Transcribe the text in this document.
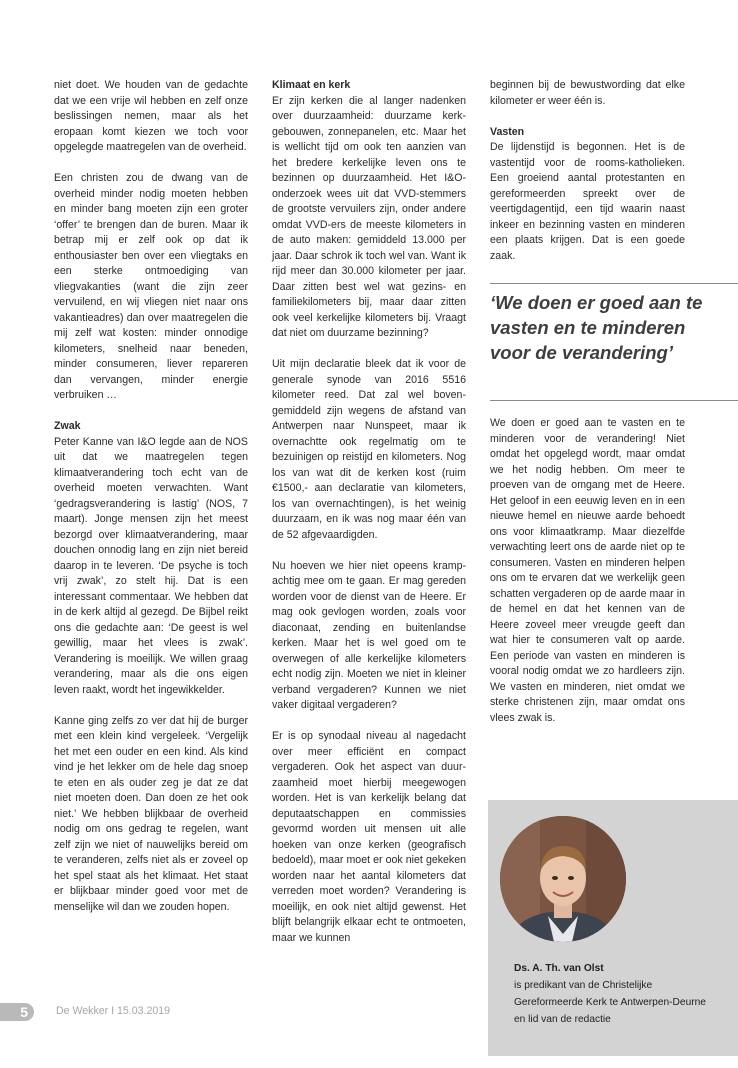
niet doet. We houden van de gedachte dat we een vrije wil hebben en zelf onze beslissingen nemen, maar als het eropaan komt kiezen we toch voor opgelegde maatregelen van de overheid.

Een christen zou de dwang van de overheid minder nodig moeten hebben en minder bang moeten zijn een groter ‘offer’ te brengen dan de buren. Maar ik betrap mij er zelf ook op dat ik enthousiaster ben over een vliegtaks en een sterke ontmoediging van vliegvakanties (want die zijn zeer vervuilend, en wij vliegen niet naar ons vakantieadres) dan over maatregelen die mij zelf wat kosten: minder onnodige kilometers, snelheid naar beneden, minder consumeren, liever repareren dan vervangen, minder energie verbruiken …

Zwak

Peter Kanne van I&O legde aan de NOS uit dat we maatregelen tegen klimaatverandering toch echt van de overheid moeten verwachten. Want ‘gedragsverandering is lastig’ (NOS, 7 maart). Jonge mensen zijn het meest bezorgd over klimaatverandering, maar douchen onnodig lang en zijn niet bereid daarop in te leveren. ‘De psyche is toch vrij zwak’, zo stelt hij. Dat is een interessant commentaar. We hebben dat in de kerk altijd al gezegd. De Bijbel reikt ons die gedachte aan: ‘De geest is wel gewillig, maar het vlees is zwak’. Verandering is moeilijk. We willen graag verandering, maar als die ons eigen leven raakt, wordt het ingewikkelder.

Kanne ging zelfs zo ver dat hij de burger met een klein kind vergeleek. ‘Vergelijk het met een ouder en een kind. Als kind vind je het lekker om de hele dag snoep te eten en als ouder zeg je dat ze dat niet moeten doen. Dan doen ze het ook niet.’ We hebben blijkbaar de overheid nodig om ons gedrag te regelen, want zelf zijn we niet of nauwelijks bereid om te veranderen, zelfs niet als er zoveel op het spel staat als het klimaat. Het staat er blijkbaar minder goed voor met de menselijke wil dan we zouden hopen.

Klimaat en kerk

Er zijn kerken die al langer nadenken over duurzaamheid: duurzame kerkgebouwen, zonnepanelen, etc. Maar het is wellicht tijd om ook ten aanzien van het bredere kerkelijke leven ons te bezinnen op duurzaamheid. Het I&O-onderzoek wees uit dat VVD-stemmers de grootste vervuilers zijn, onder andere omdat VVD-ers de meeste kilometers in de auto maken: gemiddeld 13.000 per jaar. Daar schrok ik toch wel van. Want ik rijd meer dan 30.000 kilometer per jaar. Daar zitten best wel wat gezins- en familiekilometers bij, maar daar zitten ook veel kerkelijke kilometers bij. Vraagt dat niet om duurzame bezinning?

Uit mijn declaratie bleek dat ik voor de generale synode van 2016 5516 kilometer reed. Dat zal wel bovengemiddeld zijn wegens de afstand van Antwerpen naar Nunspeet, maar ik overnachtte ook regelmatig om te bezuinigen op reistijd en kilometers. Nog los van wat dit de kerken kost (ruim €1500,- aan declaratie van kilometers, los van overnachtingen), is het weinig duurzaam, en ik was nog maar één van de 52 afgevaardigden.

Nu hoeven we hier niet opeens krampachtig mee om te gaan. Er mag gereden worden voor de dienst van de Heere. Er mag ook gevlogen worden, zoals voor diaconaat, zending en buitenlandse kerken. Maar het is wel goed om te overwegen of alle kerkelijke kilometers echt nodig zijn. Moeten we niet in kleiner verband vergaderen? Kunnen we niet vaker digitaal vergaderen?

Er is op synodaal niveau al nagedacht over meer efficiënt en compact vergaderen. Ook het aspect van duurzaamheid moet hierbij meegewogen worden. Het is van kerkelijk belang dat deputaatschappen en commissies gevormd worden uit mensen uit alle hoeken van onze kerken (geografisch bedoeld), maar moet er ook niet gekeken worden naar het aantal kilometers dat verreden moet worden? Verandering is moeilijk, en ook niet altijd gewenst. Het blijft belangrijk elkaar echt te ontmoeten, maar we kunnen

beginnen bij de bewustwording dat elke kilometer er weer één is.

Vasten

De lijdenstijd is begonnen. Het is de vastentijd voor de rooms-katholieken. Een groeiend aantal protestanten en gereformeerden spreekt over de veertigdagentijd, een tijd waarin naast inkeer en bezinning vasten en minderen een plaats krijgen. Dat is een goede zaak.

‘We doen er goed aan te vasten en te minderen voor de verandering’

We doen er goed aan te vasten en te minderen voor de verandering! Niet omdat het opgelegd wordt, maar omdat we het nodig hebben. Om meer te proeven van de omgang met de Heere. Het geloof in een eeuwig leven en in een nieuwe hemel en nieuwe aarde behoedt ons voor klimaatkramp. Maar diezelfde verwachting leert ons de aarde niet op te consumeren. Vasten en minderen helpen ons om te ervaren dat we werkelijk geen schatten vergaderen op de aarde maar in de hemel en dat het kennen van de Heere zoveel meer vreugde geeft dan wat hier te consumeren valt op aarde. Een periode van vasten en minderen is vooral nodig omdat we zo hardleers zijn. We vasten en minderen, niet omdat we sterke christenen zijn, maar omdat ons vlees zwak is.

Ds. A. Th. van Olst
is predikant van de Christelijke Gereformeerde Kerk te Antwerpen-Deurne en lid van de redactie
5	De Wekker I 15.03.2019
